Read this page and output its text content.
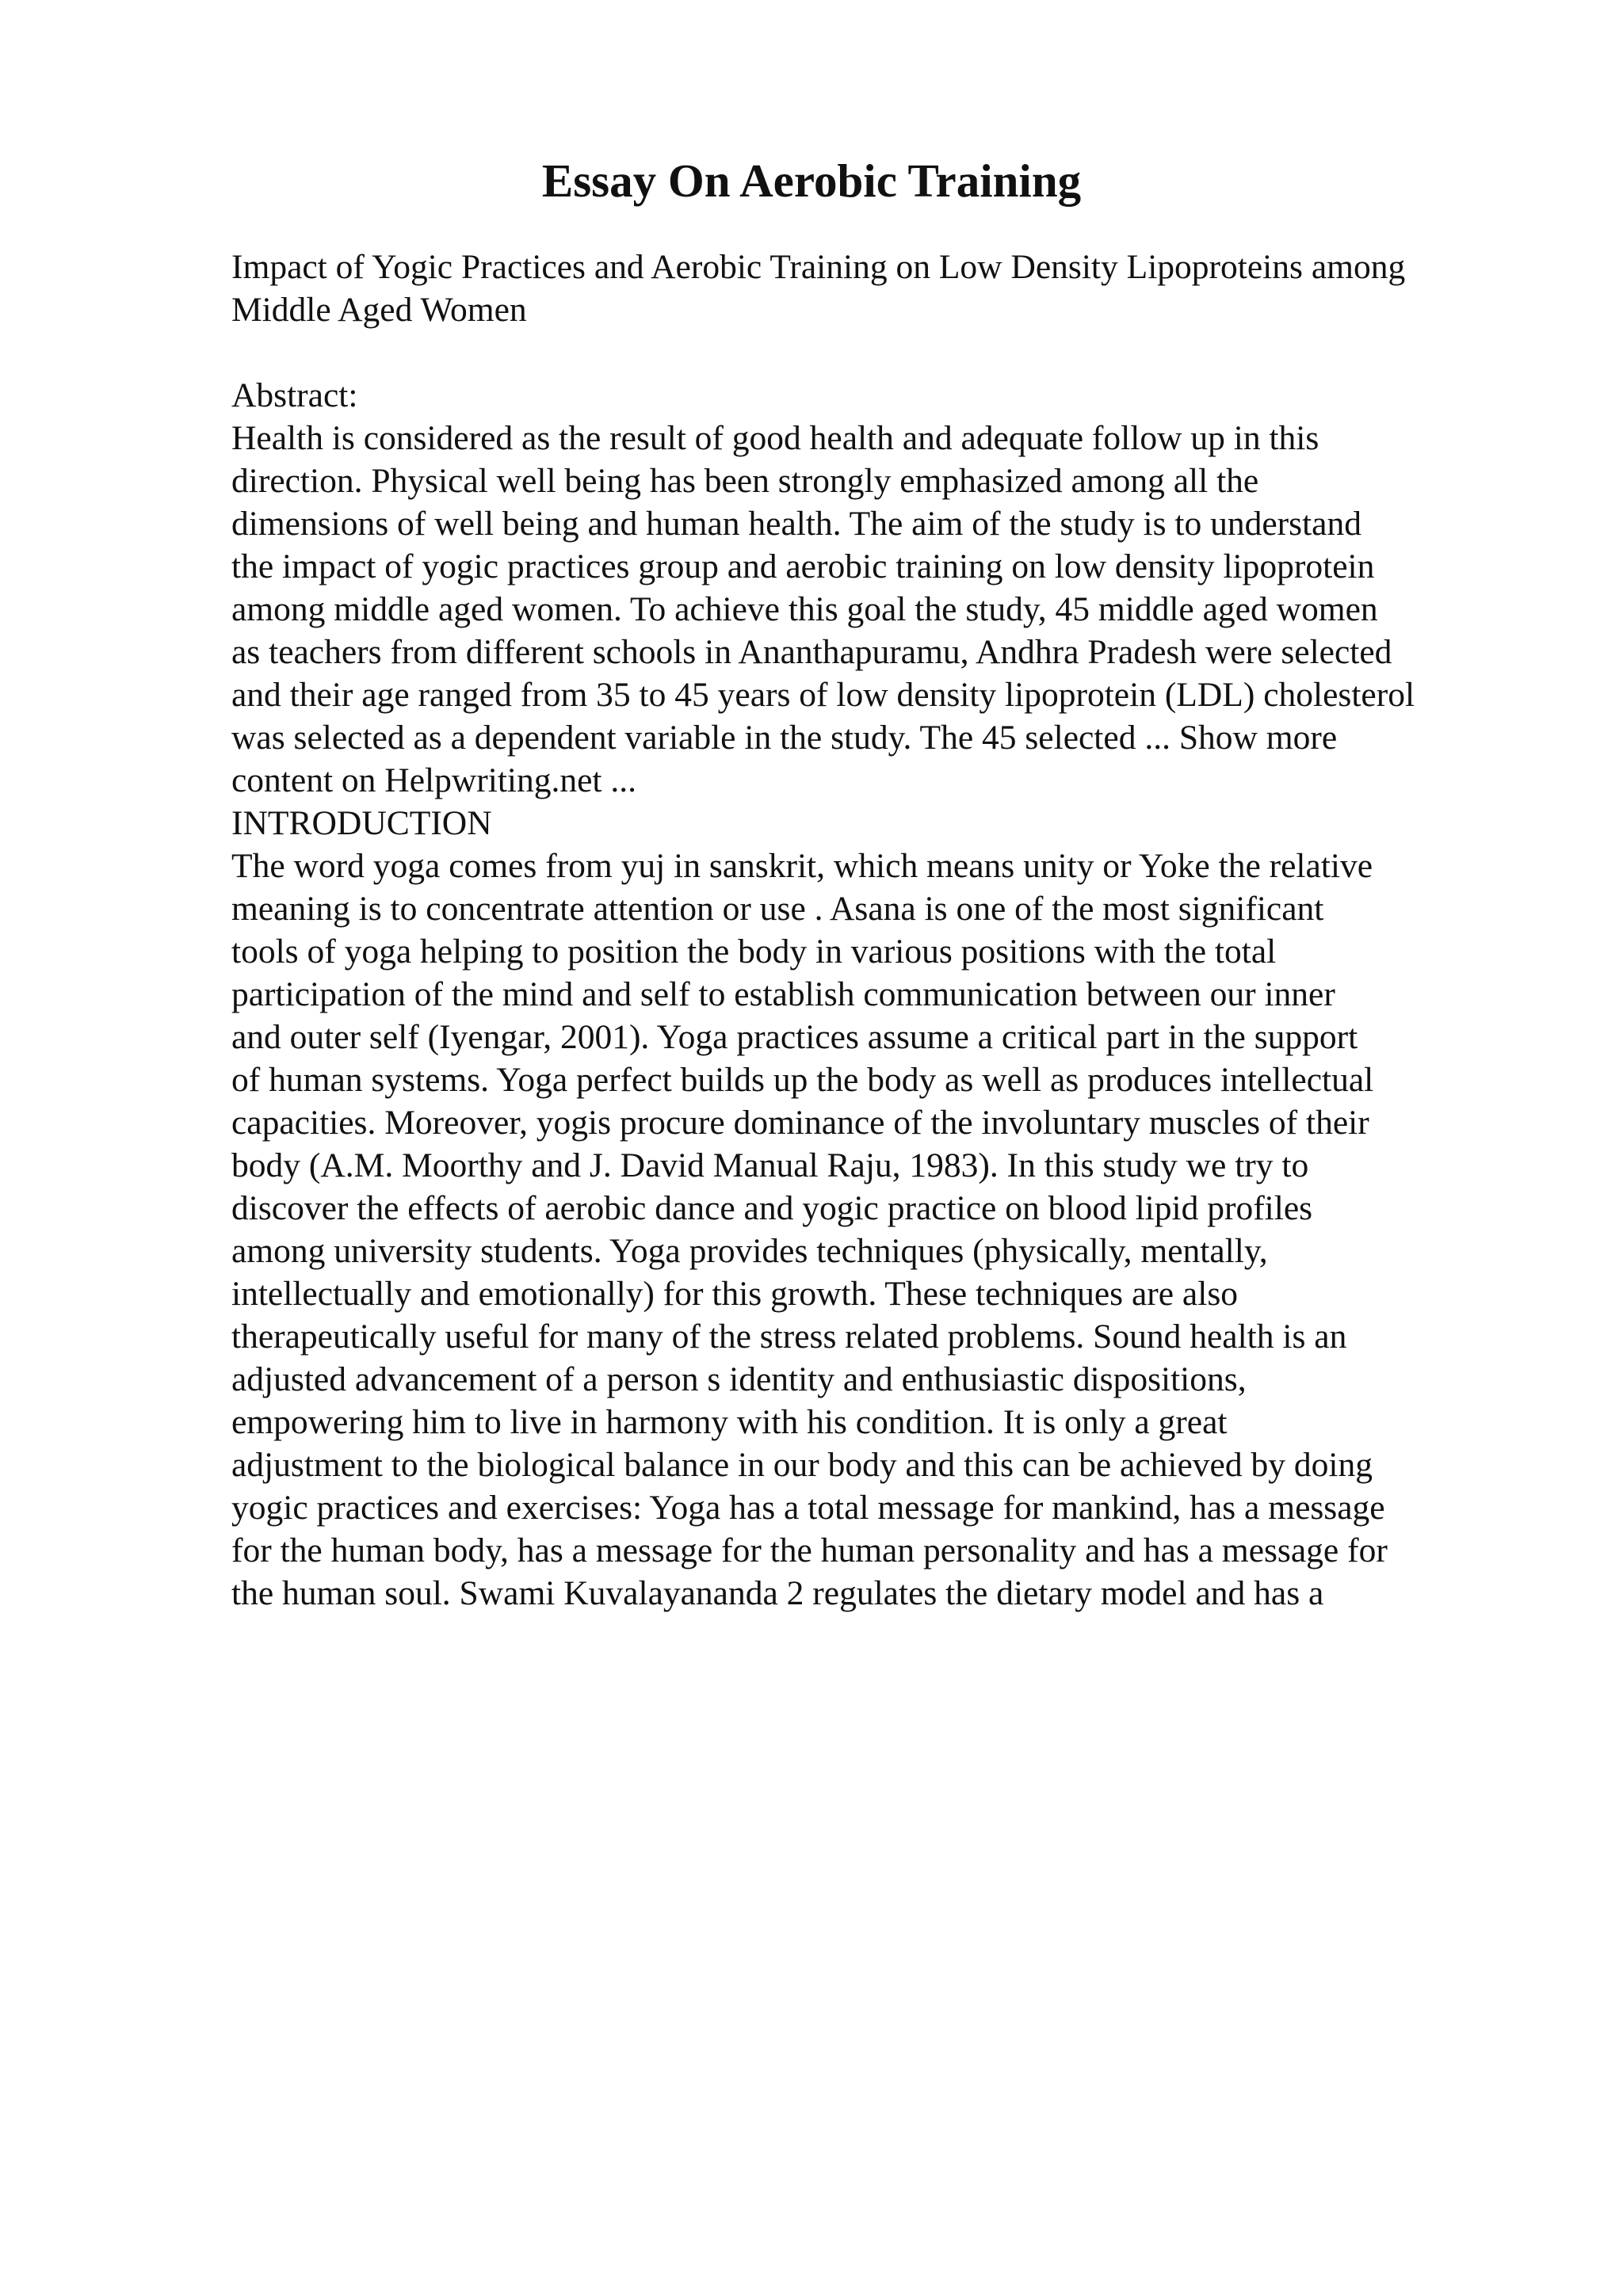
Essay On Aerobic Training
Impact of Yogic Practices and Aerobic Training on Low Density Lipoproteins among
Middle Aged Women
Abstract:
Health is considered as the result of good health and adequate follow up in this
direction. Physical well being has been strongly emphasized among all the
dimensions of well being and human health. The aim of the study is to understand
the impact of yogic practices group and aerobic training on low density lipoprotein
among middle aged women. To achieve this goal the study, 45 middle aged women
as teachers from different schools in Ananthapuramu, Andhra Pradesh were selected
and their age ranged from 35 to 45 years of low density lipoprotein (LDL) cholesterol
was selected as a dependent variable in the study. The 45 selected ... Show more
content on Helpwriting.net ...
INTRODUCTION
The word yoga comes from yuj in sanskrit, which means unity or Yoke the relative
meaning is to concentrate attention or use . Asana is one of the most significant
tools of yoga helping to position the body in various positions with the total
participation of the mind and self to establish communication between our inner
and outer self (Iyengar, 2001). Yoga practices assume a critical part in the support
of human systems. Yoga perfect builds up the body as well as produces intellectual
capacities. Moreover, yogis procure dominance of the involuntary muscles of their
body (A.M. Moorthy and J. David Manual Raju, 1983). In this study we try to
discover the effects of aerobic dance and yogic practice on blood lipid profiles
among university students. Yoga provides techniques (physically, mentally,
intellectually and emotionally) for this growth. These techniques are also
therapeutically useful for many of the stress related problems. Sound health is an
adjusted advancement of a person s identity and enthusiastic dispositions,
empowering him to live in harmony with his condition. It is only a great
adjustment to the biological balance in our body and this can be achieved by doing
yogic practices and exercises: Yoga has a total message for mankind, has a message
for the human body, has a message for the human personality and has a message for
the human soul. Swami Kuvalayananda 2 regulates the dietary model and has a
